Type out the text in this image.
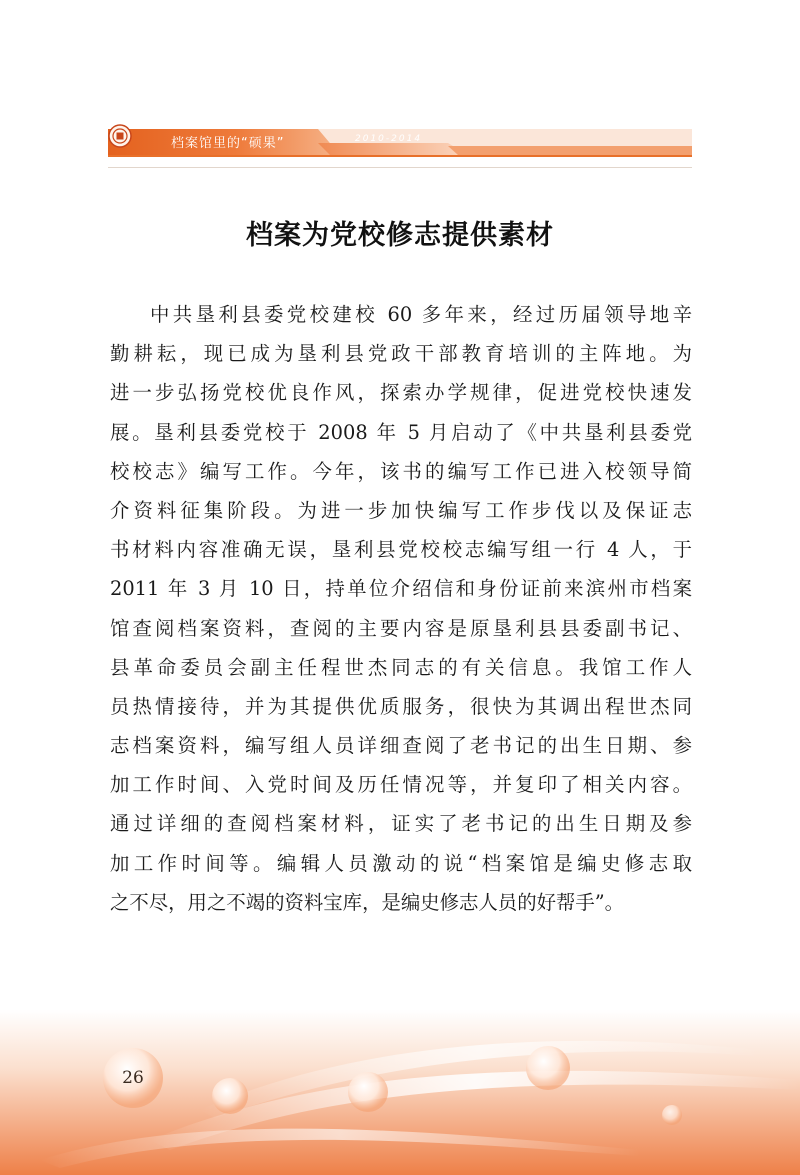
档案馆里的“硕果”	2010-2014
档案为党校修志提供素材
中共垦利县委党校建校 60 多年来，经过历届领导地辛
勤耕耘，现已成为垦利县党政干部教育培训的主阵地。为
进一步弘扬党校优良作风，探索办学规律，促进党校快速发
展。垦利县委党校于 2008 年 5 月启动了《中共垦利县委党
校校志》编写工作。今年，该书的编写工作已进入校领导简
介资料征集阶段。为进一步加快编写工作步伐以及保证志
书材料内容准确无误，垦利县党校校志编写组一行 4 人，于
2011 年 3 月 10 日，持单位介绍信和身份证前来滨州市档案
馆查阅档案资料，查阅的主要内容是原垦利县县委副书记、
县革命委员会副主任程世杰同志的有关信息。我馆工作人
员热情接待，并为其提供优质服务，很快为其调出程世杰同
志档案资料，编写组人员详细查阅了老书记的出生日期、参
加工作时间、入党时间及历任情况等，并复印了相关内容。
通过详细的查阅档案材料，证实了老书记的出生日期及参
加工作时间等。编辑人员激动的说“档案馆是编史修志取
之不尽，用之不竭的资料宝库，是编史修志人员的好帮手”。
26
